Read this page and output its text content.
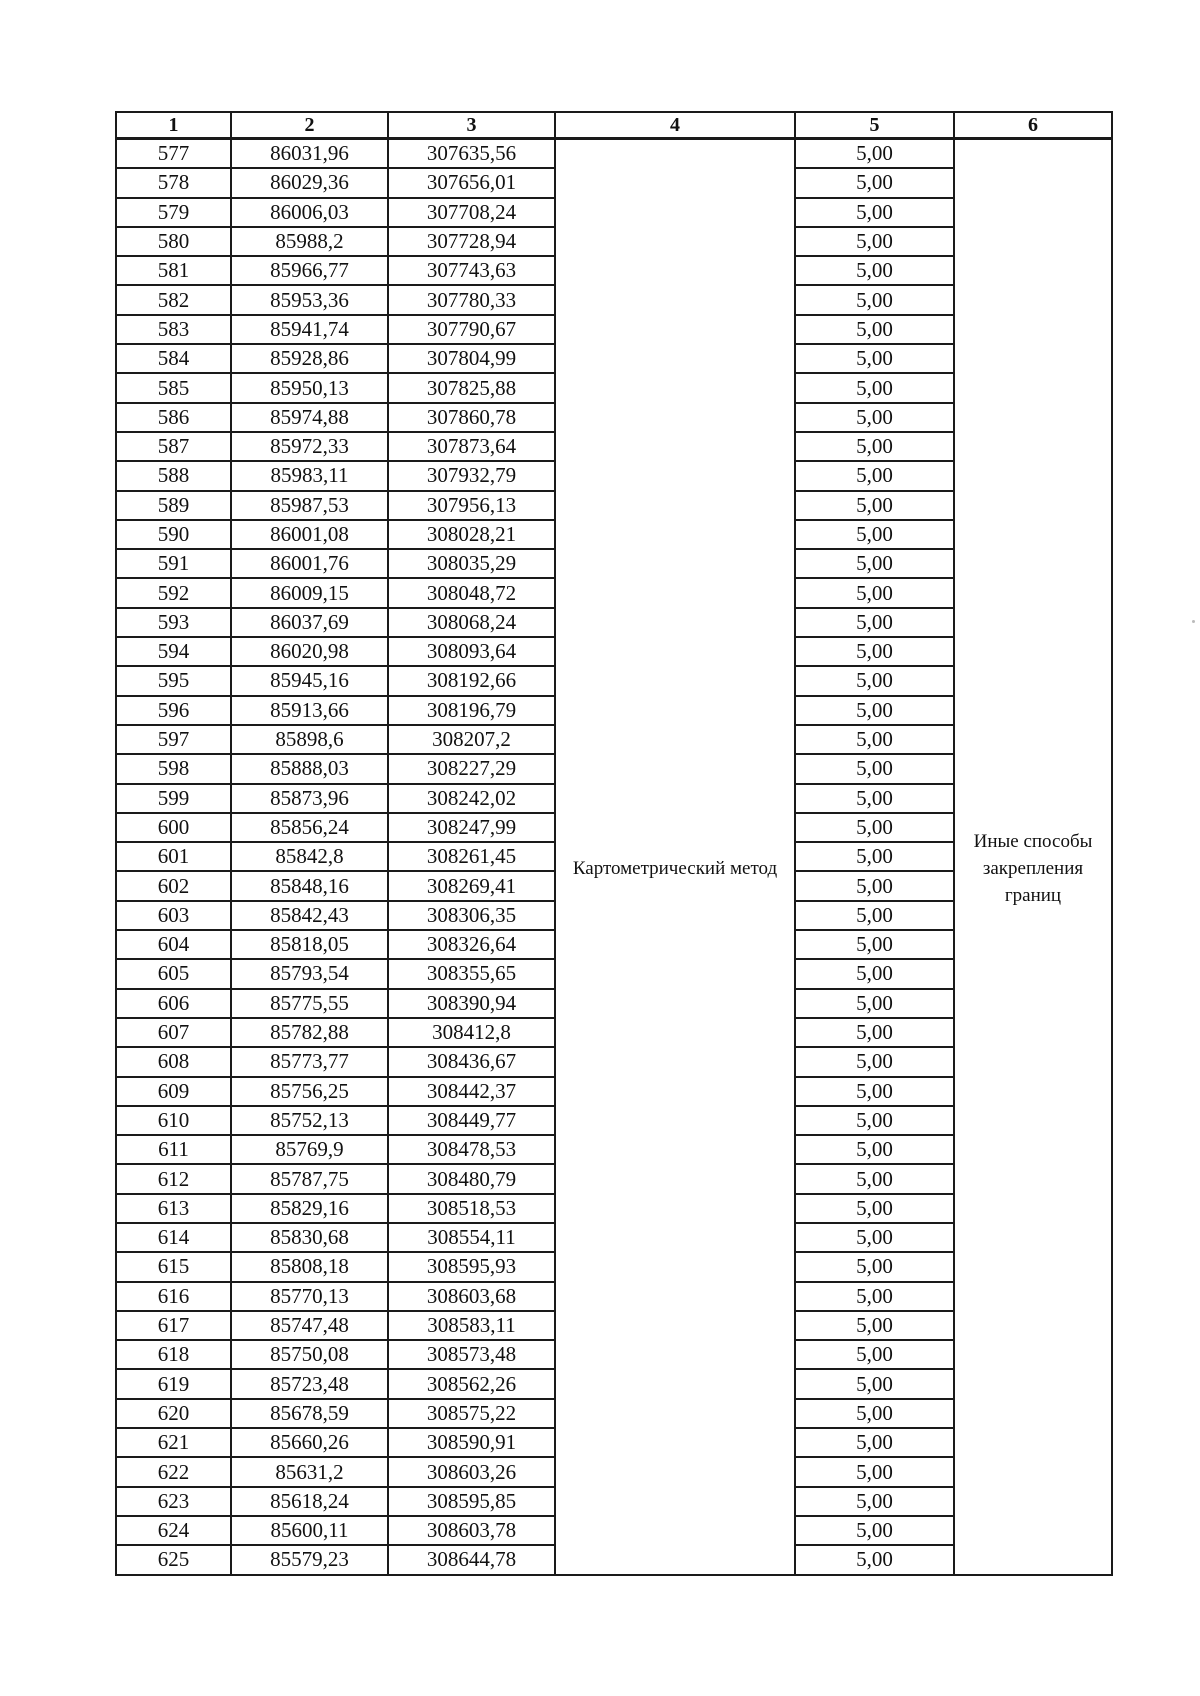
1	2	3	4	5	6
577	86031,96	307635,56	Картометрический метод	5,00	Иные способы закрепления границ
578	86029,36	307656,01		5,00	
579	86006,03	307708,24		5,00	
580	85988,2	307728,94		5,00	
581	85966,77	307743,63		5,00	
582	85953,36	307780,33		5,00	
583	85941,74	307790,67		5,00	
584	85928,86	307804,99		5,00	
585	85950,13	307825,88		5,00	
586	85974,88	307860,78		5,00	
587	85972,33	307873,64		5,00	
588	85983,11	307932,79		5,00	
589	85987,53	307956,13		5,00	
590	86001,08	308028,21		5,00	
591	86001,76	308035,29		5,00	
592	86009,15	308048,72		5,00	
593	86037,69	308068,24		5,00	
594	86020,98	308093,64		5,00	
595	85945,16	308192,66		5,00	
596	85913,66	308196,79		5,00	
597	85898,6	308207,2		5,00	
598	85888,03	308227,29		5,00	
599	85873,96	308242,02		5,00	
600	85856,24	308247,99		5,00	
601	85842,8	308261,45		5,00	
602	85848,16	308269,41		5,00	
603	85842,43	308306,35		5,00	
604	85818,05	308326,64		5,00	
605	85793,54	308355,65		5,00	
606	85775,55	308390,94		5,00	
607	85782,88	308412,8		5,00	
608	85773,77	308436,67		5,00	
609	85756,25	308442,37		5,00	
610	85752,13	308449,77		5,00	
611	85769,9	308478,53		5,00	
612	85787,75	308480,79		5,00	
613	85829,16	308518,53		5,00	
614	85830,68	308554,11		5,00	
615	85808,18	308595,93		5,00	
616	85770,13	308603,68		5,00	
617	85747,48	308583,11		5,00	
618	85750,08	308573,48		5,00	
619	85723,48	308562,26		5,00	
620	85678,59	308575,22		5,00	
621	85660,26	308590,91		5,00	
622	85631,2	308603,26		5,00	
623	85618,24	308595,85		5,00	
624	85600,11	308603,78		5,00	
625	85579,23	308644,78		5,00	
